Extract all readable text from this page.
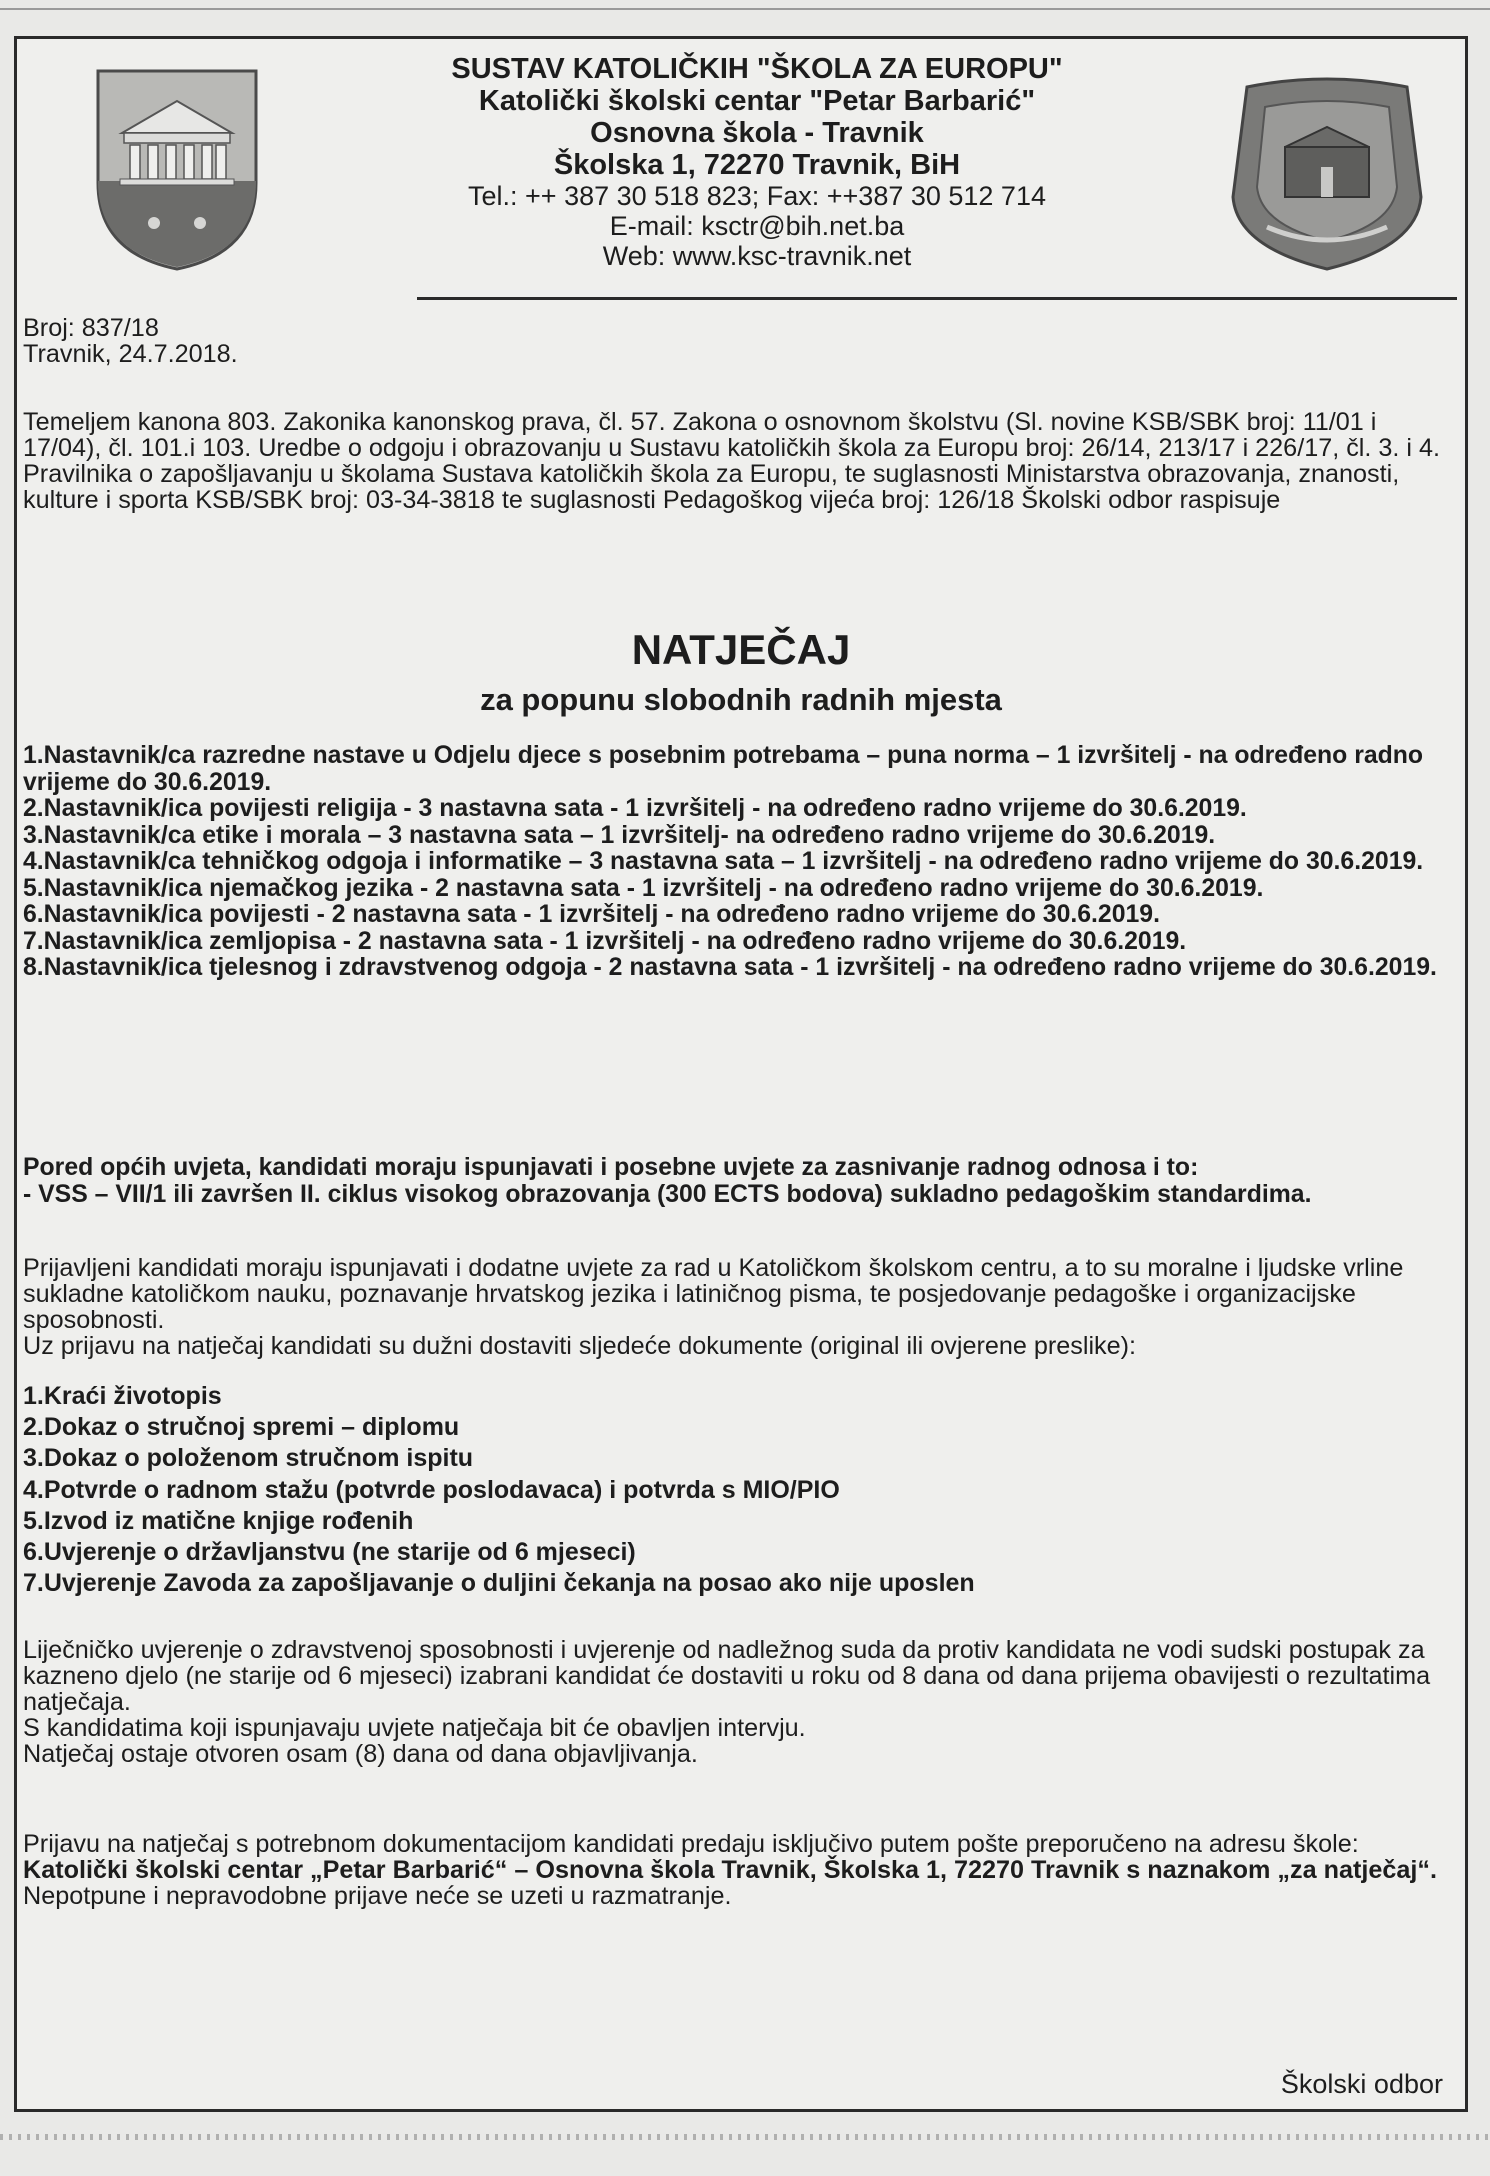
SUSTAV KATOLIČKIH "ŠKOLA ZA EUROPU"
Katolički školski centar "Petar Barbarić"
Osnovna škola - Travnik
Školska 1, 72270 Travnik, BiH
Tel.: ++ 387 30 518 823; Fax: ++387 30 512 714
E-mail: ksctr@bih.net.ba
Web: www.ksc-travnik.net
Broj: 837/18
Travnik, 24.7.2018.
Temeljem kanona 803. Zakonika kanonskog prava, čl. 57. Zakona o osnovnom školstvu (Sl. novine KSB/SBK broj: 11/01 i 17/04), čl. 101.i 103. Uredbe o odgoju i obrazovanju u Sustavu katoličkih škola za Europu broj: 26/14, 213/17 i 226/17, čl. 3. i 4. Pravilnika o zapošljavanju u školama Sustava katoličkih škola za Europu, te suglasnosti Ministarstva obrazovanja, znanosti, kulture i sporta KSB/SBK broj: 03-34-3818 te suglasnosti Pedagoškog vijeća broj: 126/18 Školski odbor raspisuje
NATJEČAJ
za popunu slobodnih radnih mjesta

1.Nastavnik/ca razredne nastave u Odjelu djece s posebnim potrebama – puna norma – 1 izvršitelj - na određeno radno vrijeme do 30.6.2019.

2.Nastavnik/ica povijesti religija - 3 nastavna sata - 1 izvršitelj - na određeno radno vrijeme do 30.6.2019.

3.Nastavnik/ca etike i morala – 3 nastavna sata – 1 izvršitelj- na određeno radno vrijeme do 30.6.2019.

4.Nastavnik/ca tehničkog odgoja i informatike – 3 nastavna sata – 1 izvršitelj - na određeno radno vrijeme do 30.6.2019.

5.Nastavnik/ica njemačkog jezika - 2 nastavna sata - 1 izvršitelj - na određeno radno vrijeme do 30.6.2019.

6.Nastavnik/ica povijesti - 2 nastavna sata - 1 izvršitelj - na određeno radno vrijeme do 30.6.2019.

7.Nastavnik/ica zemljopisa - 2 nastavna sata - 1 izvršitelj - na određeno radno vrijeme do 30.6.2019.

8.Nastavnik/ica tjelesnog i zdravstvenog odgoja - 2 nastavna sata - 1 izvršitelj - na određeno radno vrijeme do 30.6.2019.

Pored općih uvjeta, kandidati moraju ispunjavati i posebne uvjete za zasnivanje radnog odnosa i to:

- VSS – VII/1 ili završen II. ciklus visokog obrazovanja (300 ECTS bodova) sukladno pedagoškim standardima.

Prijavljeni kandidati moraju ispunjavati i dodatne uvjete za rad u Katoličkom školskom centru, a to su moralne i ljudske vrline sukladne katoličkom nauku, poznavanje hrvatskog jezika i latiničnog pisma, te posjedovanje pedagoške i organizacijske sposobnosti.

Uz prijavu na natječaj kandidati su dužni dostaviti sljedeće dokumente (original ili ovjerene preslike):

1.Kraći životopis

2.Dokaz o stručnoj spremi – diplomu

3.Dokaz o položenom stručnom ispitu

4.Potvrde o radnom stažu (potvrde poslodavaca) i potvrda s MIO/PIO

5.Izvod iz matične knjige rođenih

6.Uvjerenje o državljanstvu (ne starije od 6 mjeseci)

7.Uvjerenje Zavoda za zapošljavanje o duljini čekanja na posao ako nije uposlen

Liječničko uvjerenje o zdravstvenoj sposobnosti i uvjerenje od nadležnog suda da protiv kandidata ne vodi sudski postupak za kazneno djelo (ne starije od 6 mjeseci) izabrani kandidat će dostaviti u roku od 8 dana od dana prijema obavijesti o rezultatima natječaja.

S kandidatima koji ispunjavaju uvjete natječaja bit će obavljen intervju.

Natječaj ostaje otvoren osam (8) dana od dana objavljivanja.

Prijavu na natječaj s potrebnom dokumentacijom kandidati predaju isključivo putem pošte preporučeno na adresu škole:

Katolički školski centar „Petar Barbarić“ – Osnovna škola Travnik, Školska 1, 72270 Travnik s naznakom „za natječaj“.

Nepotpune i nepravodobne prijave neće se uzeti u razmatranje.

Školski odbor
